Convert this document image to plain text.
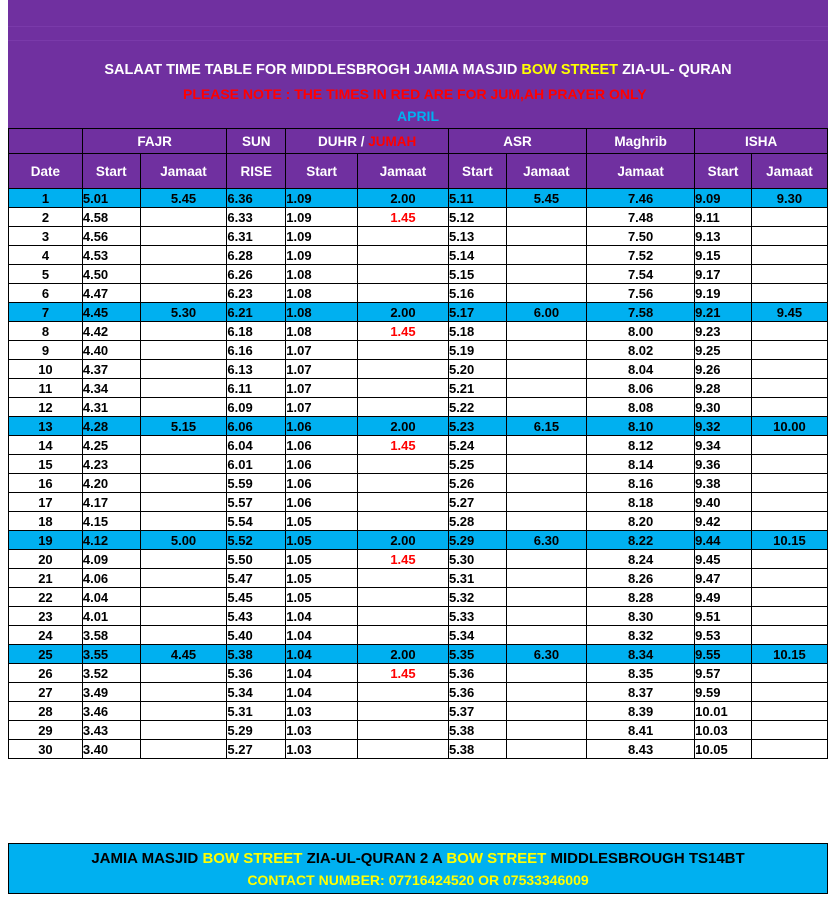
SALAAT TIME TABLE FOR MIDDLESBROGH JAMIA MASJID BOW STREET ZIA-UL- QURAN
PLEASE NOTE : THE TIMES IN RED ARE FOR JUM,AH PRAYER ONLY
APRIL
	FAJR		SUN	DUHR / JUMAH		ASR		Maghrib	ISHA	
Date	Start	Jamaat	RISE	Start	Jamaat	Start	Jamaat	Jamaat	Start	Jamaat
1	5.01	5.45	6.36	1.09	2.00	5.11	5.45	7.46	9.09	9.30
2	4.58		6.33	1.09	1.45	5.12		7.48	9.11	
3	4.56		6.31	1.09		5.13		7.50	9.13	
4	4.53		6.28	1.09		5.14		7.52	9.15	
5	4.50		6.26	1.08		5.15		7.54	9.17	
6	4.47		6.23	1.08		5.16		7.56	9.19	
7	4.45	5.30	6.21	1.08	2.00	5.17	6.00	7.58	9.21	9.45
8	4.42		6.18	1.08	1.45	5.18		8.00	9.23	
9	4.40		6.16	1.07		5.19		8.02	9.25	
10	4.37		6.13	1.07		5.20		8.04	9.26	
11	4.34		6.11	1.07		5.21		8.06	9.28	
12	4.31		6.09	1.07		5.22		8.08	9.30	
13	4.28	5.15	6.06	1.06	2.00	5.23	6.15	8.10	9.32	10.00
14	4.25		6.04	1.06	1.45	5.24		8.12	9.34	
15	4.23		6.01	1.06		5.25		8.14	9.36	
16	4.20		5.59	1.06		5.26		8.16	9.38	
17	4.17		5.57	1.06		5.27		8.18	9.40	
18	4.15		5.54	1.05		5.28		8.20	9.42	
19	4.12	5.00	5.52	1.05	2.00	5.29	6.30	8.22	9.44	10.15
20	4.09		5.50	1.05	1.45	5.30		8.24	9.45	
21	4.06		5.47	1.05		5.31		8.26	9.47	
22	4.04		5.45	1.05		5.32		8.28	9.49	
23	4.01		5.43	1.04		5.33		8.30	9.51	
24	3.58		5.40	1.04		5.34		8.32	9.53	
25	3.55	4.45	5.38	1.04	2.00	5.35	6.30	8.34	9.55	10.15
26	3.52		5.36	1.04	1.45	5.36		8.35	9.57	
27	3.49		5.34	1.04		5.36		8.37	9.59	
28	3.46		5.31	1.03		5.37		8.39	10.01	
29	3.43		5.29	1.03		5.38		8.41	10.03	
30	3.40		5.27	1.03		5.38		8.43	10.05	
JAMIA MASJID BOW STREET ZIA-UL-QURAN 2 A BOW STREET MIDDLESBROUGH TS14BT
CONTACT NUMBER: 07716424520 OR 07533346009
